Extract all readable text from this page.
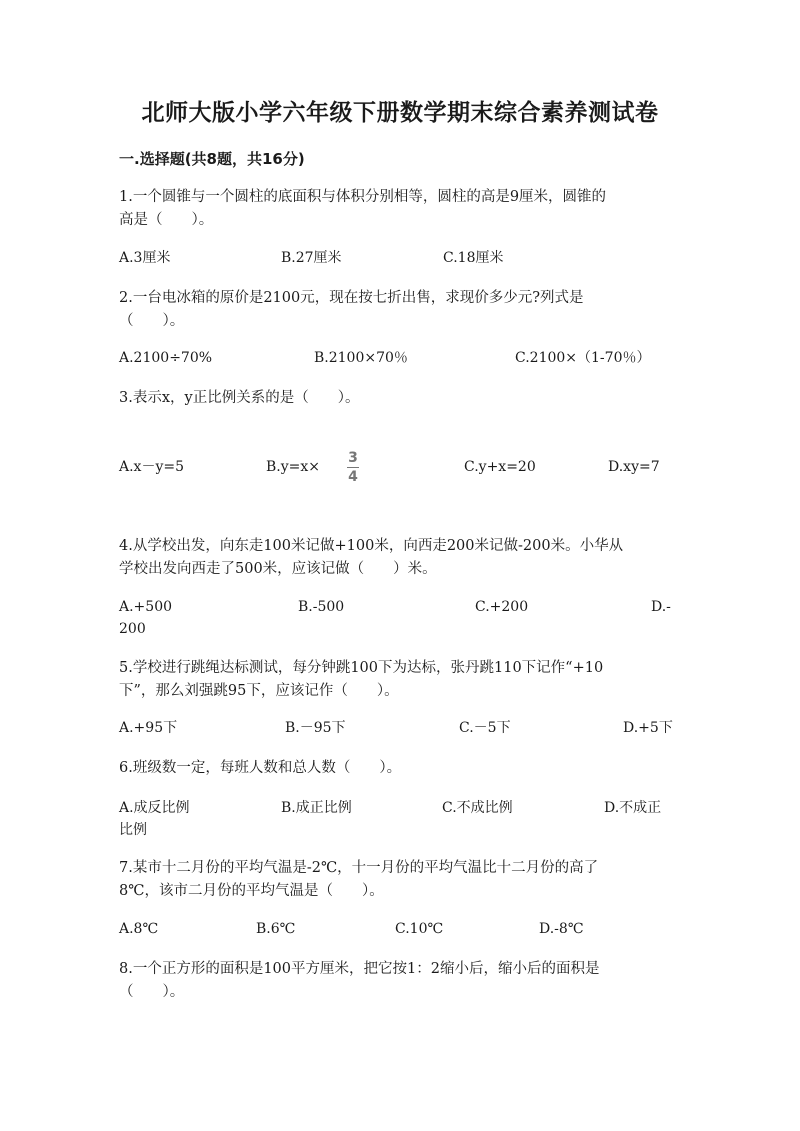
北师大版小学六年级下册数学期末综合素养测试卷
一.选择题(共8题，共16分)
1.一个圆锥与一个圆柱的底面积与体积分别相等，圆柱的高是9厘米，圆锥的
高是（　　）。
A.3厘米	B.27厘米	C.18厘米
2.一台电冰箱的原价是2100元，现在按七折出售，求现价多少元?列式是
（　　）。
A.2100÷70%	B.2100×70％	C.2100×（1-70％）
3.表示x，y正比例关系的是（　　）。
A.x－y=5	B.y=x×
3
4
C.y+x=20	D.xy=7
4.从学校出发，向东走100米记做+100米，向西走200米记做-200米。小华从
学校出发向西走了500米，应该记做（　　）米。
A.+500	B.-500	C.+200	D.-
200
5.学校进行跳绳达标测试，每分钟跳100下为达标，张丹跳110下记作“+10
下”，那么刘强跳95下，应该记作（　　）。
A.+95下	B.－95下	C.－5下	D.+5下
6.班级数一定，每班人数和总人数（　　）。
A.成反比例	B.成正比例	C.不成比例	D.不成正
比例
7.某市十二月份的平均气温是-2℃，十一月份的平均气温比十二月份的高了
8℃，该市二月份的平均气温是（　　）。
A.8℃	B.6℃	C.10℃	D.-8℃
8.一个正方形的面积是100平方厘米，把它按1：2缩小后，缩小后的面积是
（　　）。
